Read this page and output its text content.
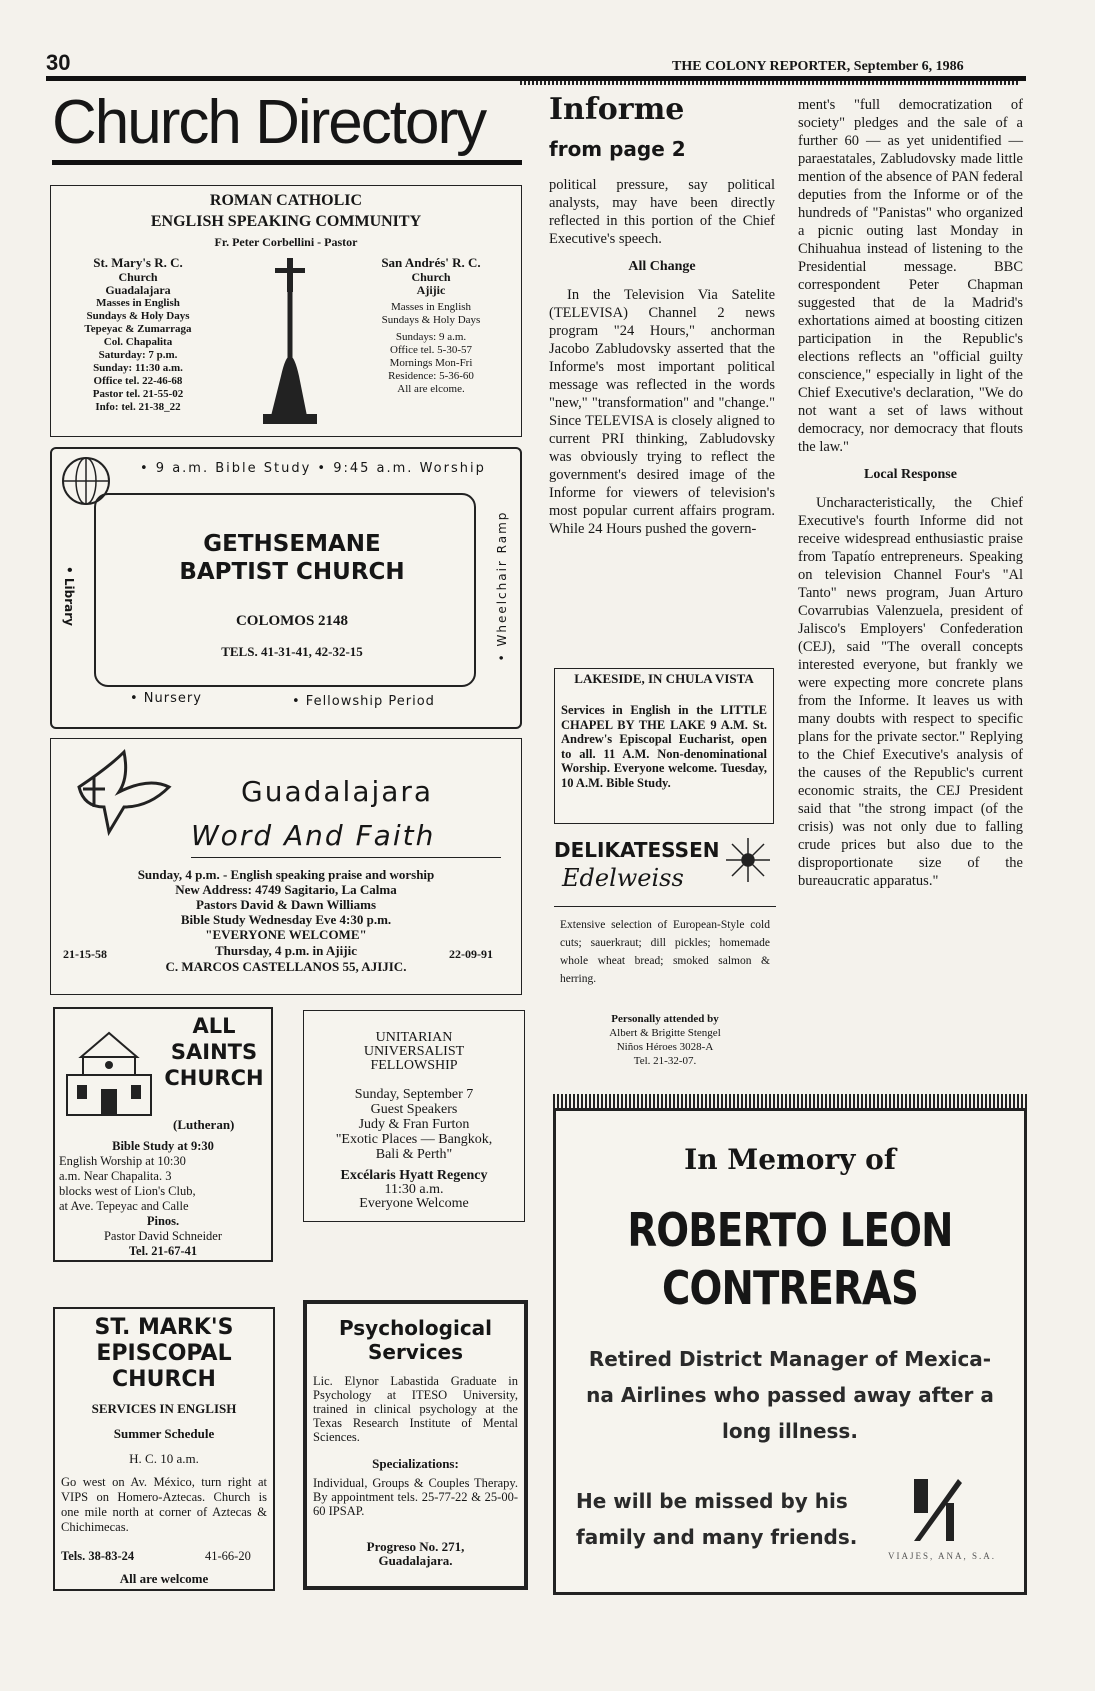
30	THE COLONY REPORTER, September 6, 1986
Church Directory
ROMAN CATHOLIC
ENGLISH SPEAKING COMMUNITY
Fr. Peter Corbellini - Pastor
St. Mary's R. C.
Church
Guadalajara
Masses in English
Sundays & Holy Days
Tepeyac & Zumarraga
Col. Chapalita
Saturday: 7 p.m.
Sunday: 11:30 a.m.
Office tel. 22-46-68
Pastor tel. 21-55-02
Info: tel. 21-38_22
San Andrés' R. C.
Church
Ajijic
Masses in English
Sundays & Holy Days
Sundays: 9 a.m.
Office tel. 5-30-57
Mornings Mon-Fri
Residence: 5-36-60
All are elcome.
• 9 a.m. Bible Study • 9:45 a.m. Worship
GETHSEMANE
BAPTIST CHURCH
COLOMOS 2148
TELS. 41-31-41, 42-32-15
• Library	• Wheelchair Ramp
• Nursery	• Fellowship Period
Guadalajara
Word And Faith
Sunday, 4 p.m. - English speaking praise and worship
New Address: 4749 Sagitario, La Calma
Pastors David & Dawn Williams
Bible Study Wednesday Eve 4:30 p.m.
"EVERYONE WELCOME"
21-15-58	Thursday, 4 p.m. in Ajijic	22-09-91
C. MARCOS CASTELLANOS 55, AJIJIC.
ALL
SAINTS
CHURCH
(Lutheran)
Bible Study at 9:30
English Worship at 10:30
a.m. Near Chapalita. 3
blocks west of Lion's Club,
at Ave. Tepeyac and Calle
Pinos.
Pastor David Schneider
Tel. 21-67-41
UNITARIAN
UNIVERSALIST
FELLOWSHIP
Sunday, September 7
Guest Speakers
Judy & Fran Furton
"Exotic Places — Bangkok,
Bali & Perth"
Excélaris Hyatt Regency
11:30 a.m.
Everyone Welcome
ST. MARK'S
EPISCOPAL
CHURCH
SERVICES IN ENGLISH
Summer Schedule
H. C. 10 a.m.
Go west on Av. México, turn right at VIPS on Homero-Aztecas. Church is one mile north at corner of Aztecas & Chichimecas.
Tels. 38-83-24	41-66-20
All are welcome
Psychological
Services
Lic. Elynor Labastida Graduate in Psychology at ITESO University, trained in clinical psychology at the Texas Research Institute of Mental Sciences.
Specializations:
Individual, Groups & Couples Therapy. By appointment tels. 25-77-22 & 25-00-60 IPSAP.
Progreso No. 271,
Guadalajara.
Informe
from page 2

political pressure, say political analysts, may have been directly reflected in this portion of the Chief Executive's speech.

All Change

In the Television Via Satelite (TELEVISA) Channel 2 news program "24 Hours," anchorman Jacobo Zabludovsky asserted that the Informe's most important political message was reflected in the words "new," "transformation" and "change." Since TELEVISA is closely aligned to current PRI thinking, Zabludovsky was obviously trying to reflect the government's desired image of the Informe for viewers of television's most popular current affairs program. While 24 Hours pushed the govern-

ment's "full democratization of society" pledges and the sale of a further 60 — as yet unidentified — paraestatales, Zabludovsky made little mention of the absence of PAN federal deputies from the Informe or of the hundreds of "Panistas" who organized a picnic outing last Monday in Chihuahua instead of listening to the Presidential message. BBC correspondent Peter Chapman suggested that de la Madrid's exhortations aimed at boosting citizen participation in the Republic's elections reflects an "official guilty conscience," especially in light of the Chief Executive's declaration, "We do not want a set of laws without democracy, nor democracy that flouts the law."

Local Response

Uncharacteristically, the Chief Executive's fourth Informe did not receive widespread enthusiastic praise from Tapatío entrepreneurs. Speaking on television Channel Four's "Al Tanto" news program, Juan Arturo Covarrubias Valenzuela, president of Jalisco's Employers' Confederation (CEJ), said "The overall concepts interested everyone, but frankly we were expecting more concrete plans from the Informe. It leaves us with many doubts with respect to specific plans for the private sector." Replying to the Chief Executive's analysis of the causes of the Republic's current economic straits, the CEJ President said that "the strong impact (of the crisis) was not only due to falling crude prices but also due to the disproportionate size of the bureaucratic apparatus."

LAKESIDE, IN CHULA VISTA
Services in English in the LITTLE CHAPEL BY THE LAKE 9 A.M. St. Andrew's Episcopal Eucharist, open to all. 11 A.M. Non-denominational Worship. Everyone welcome. Tuesday, 10 A.M. Bible Study.
DELIKATESSEN
Edelweiss
Extensive selection of European-Style cold cuts; sauerkraut; dill pickles; homemade whole wheat bread; smoked salmon & herring.
Personally attended by
Albert & Brigitte Stengel
Niños Héroes 3028-A
Tel. 21-32-07.
In Memory of
ROBERTO LEON
CONTRERAS
Retired District Manager of Mexica-
na Airlines who passed away after a
long illness.
He will be missed by his
family and many friends.
VIAJES, ANA, S.A.
